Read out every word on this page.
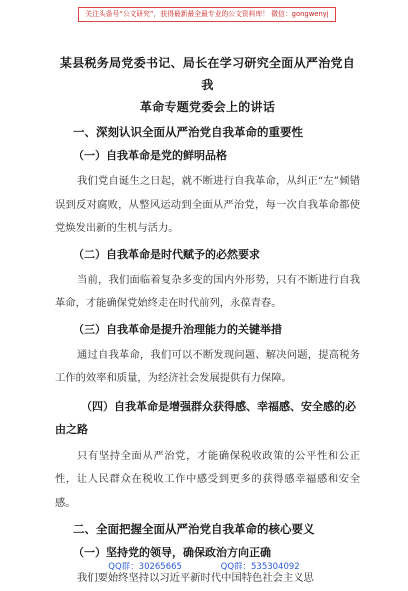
关注头条号“公文研究”，获得最新最全最专业的公文资料库！ 微信：gongwenyj

某县税务局党委书记、局长在学习研究全面从严治党自我
革命专题党委会上的讲话

一、深刻认识全面从严治党自我革命的重要性
（一）自我革命是党的鲜明品格

我们党自诞生之日起，就不断进行自我革命，从纠正“左”倾错误到反对腐败，从整风运动到全面从严治党，每一次自我革命都使党焕发出新的生机与活力。

（二）自我革命是时代赋予的必然要求

当前，我们面临着复杂多变的国内外形势，只有不断进行自我革命，才能确保党始终走在时代前列，永葆青春。

（三）自我革命是提升治理能力的关键举措

通过自我革命，我们可以不断发现问题、解决问题，提高税务工作的效率和质量，为经济社会发展提供有力保障。

（四）自我革命是增强群众获得感、幸福感、安全感的必由之路

只有坚持全面从严治党，才能确保税收政策的公平性和公正性，让人民群众在税收工作中感受到更多的获得感幸福感和安全感。

二、全面把握全面从严治党自我革命的核心要义
（一）坚持党的领导，确保政治方向正确

我们要始终坚持以习近平新时代中国特色社会主义思

QQ群：30265665	QQ群：535304092
